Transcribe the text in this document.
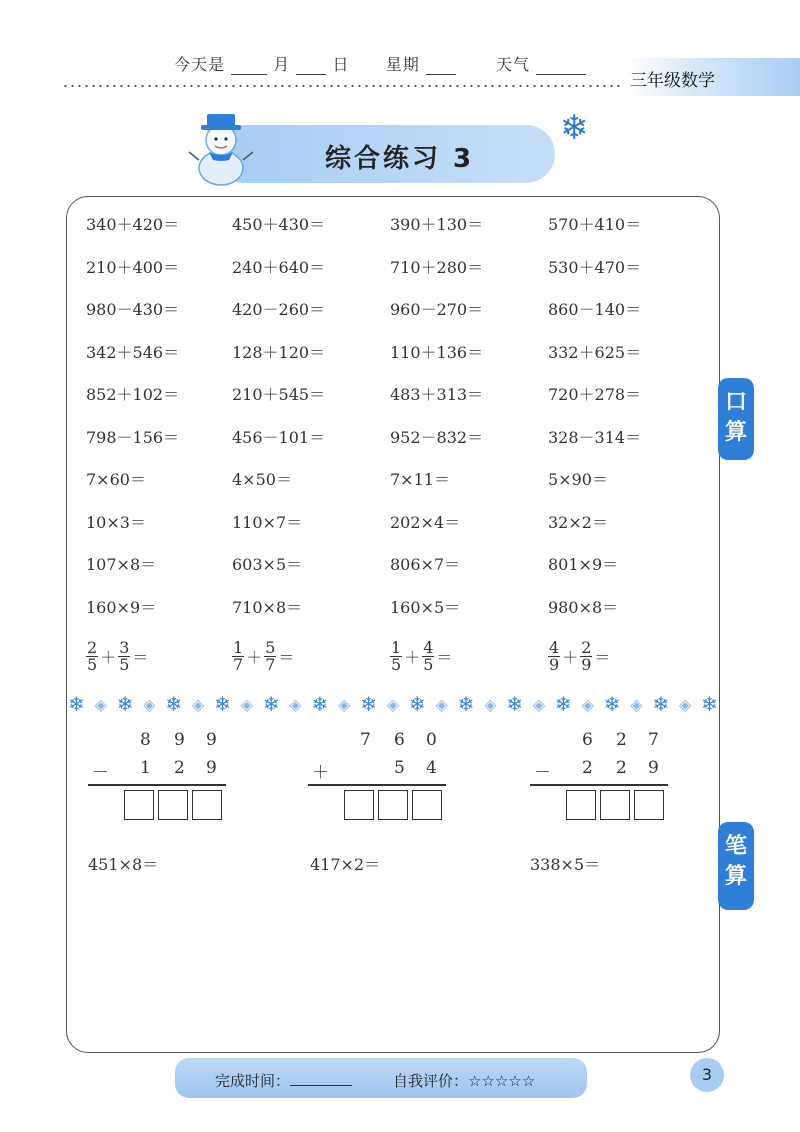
今天是	月	日 星期	天气
三年级数学
综合练习 3
❄
340＋420＝	450＋430＝	390＋130＝	570＋410＝
210＋400＝	240＋640＝	710＋280＝	530＋470＝
980－430＝	420－260＝	960－270＝	860－140＝
342＋546＝	128＋120＝	110＋136＝	332＋625＝
852＋102＝	210＋545＝	483＋313＝	720＋278＝
798－156＝	456－101＝	952－832＝	328－314＝
7×60＝	4×50＝	7×11＝	5×90＝
10×3＝	110×7＝	202×4＝	32×2＝
107×8＝	603×5＝	806×7＝	801×9＝
160×9＝	710×8＝	160×5＝	980×8＝
$\frac{2}{5} + \frac{3}{5}$ ＝	$\frac{1}{7} + \frac{5}{7}$ ＝	$\frac{1}{5} + \frac{4}{5}$ ＝	$\frac{4}{9} + \frac{2}{9}$ ＝
❄ ◈ ❄ ◈ ❄ ◈ ❄ ◈ ❄ ◈ ❄ ◈ ❄ ◈ ❄ ◈ ❄ ◈ ❄ ◈ ❄ ◈ ❄ ◈ ❄ ◈ ❄
口
算
笔
算
8 9 9
－ 1 2 9
7 6 0
＋	5 4
6 2 7
－ 2 2 9
451×8＝	417×2＝	338×5＝
完成时间：	自我评价：☆☆☆☆☆	3
